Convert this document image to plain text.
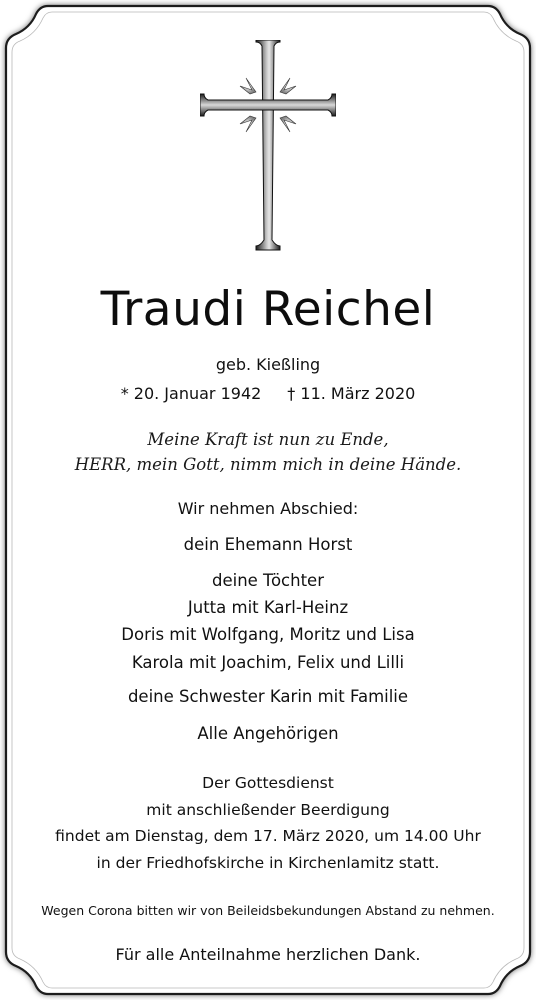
Traudi Reichel
geb. Kießling
* 20. Januar 1942 † 11. März 2020
Meine Kraft ist nun zu Ende,
HERR, mein Gott, nimm mich in deine Hände.
Wir nehmen Abschied:
dein Ehemann Horst
deine Töchter
Jutta mit Karl-Heinz
Doris mit Wolfgang, Moritz und Lisa
Karola mit Joachim, Felix und Lilli
deine Schwester Karin mit Familie
Alle Angehörigen
Der Gottesdienst
mit anschließender Beerdigung
findet am Dienstag, dem 17. März 2020, um 14.00 Uhr
in der Friedhofskirche in Kirchenlamitz statt.
Wegen Corona bitten wir von Beileidsbekundungen Abstand zu nehmen.
Für alle Anteilnahme herzlichen Dank.
